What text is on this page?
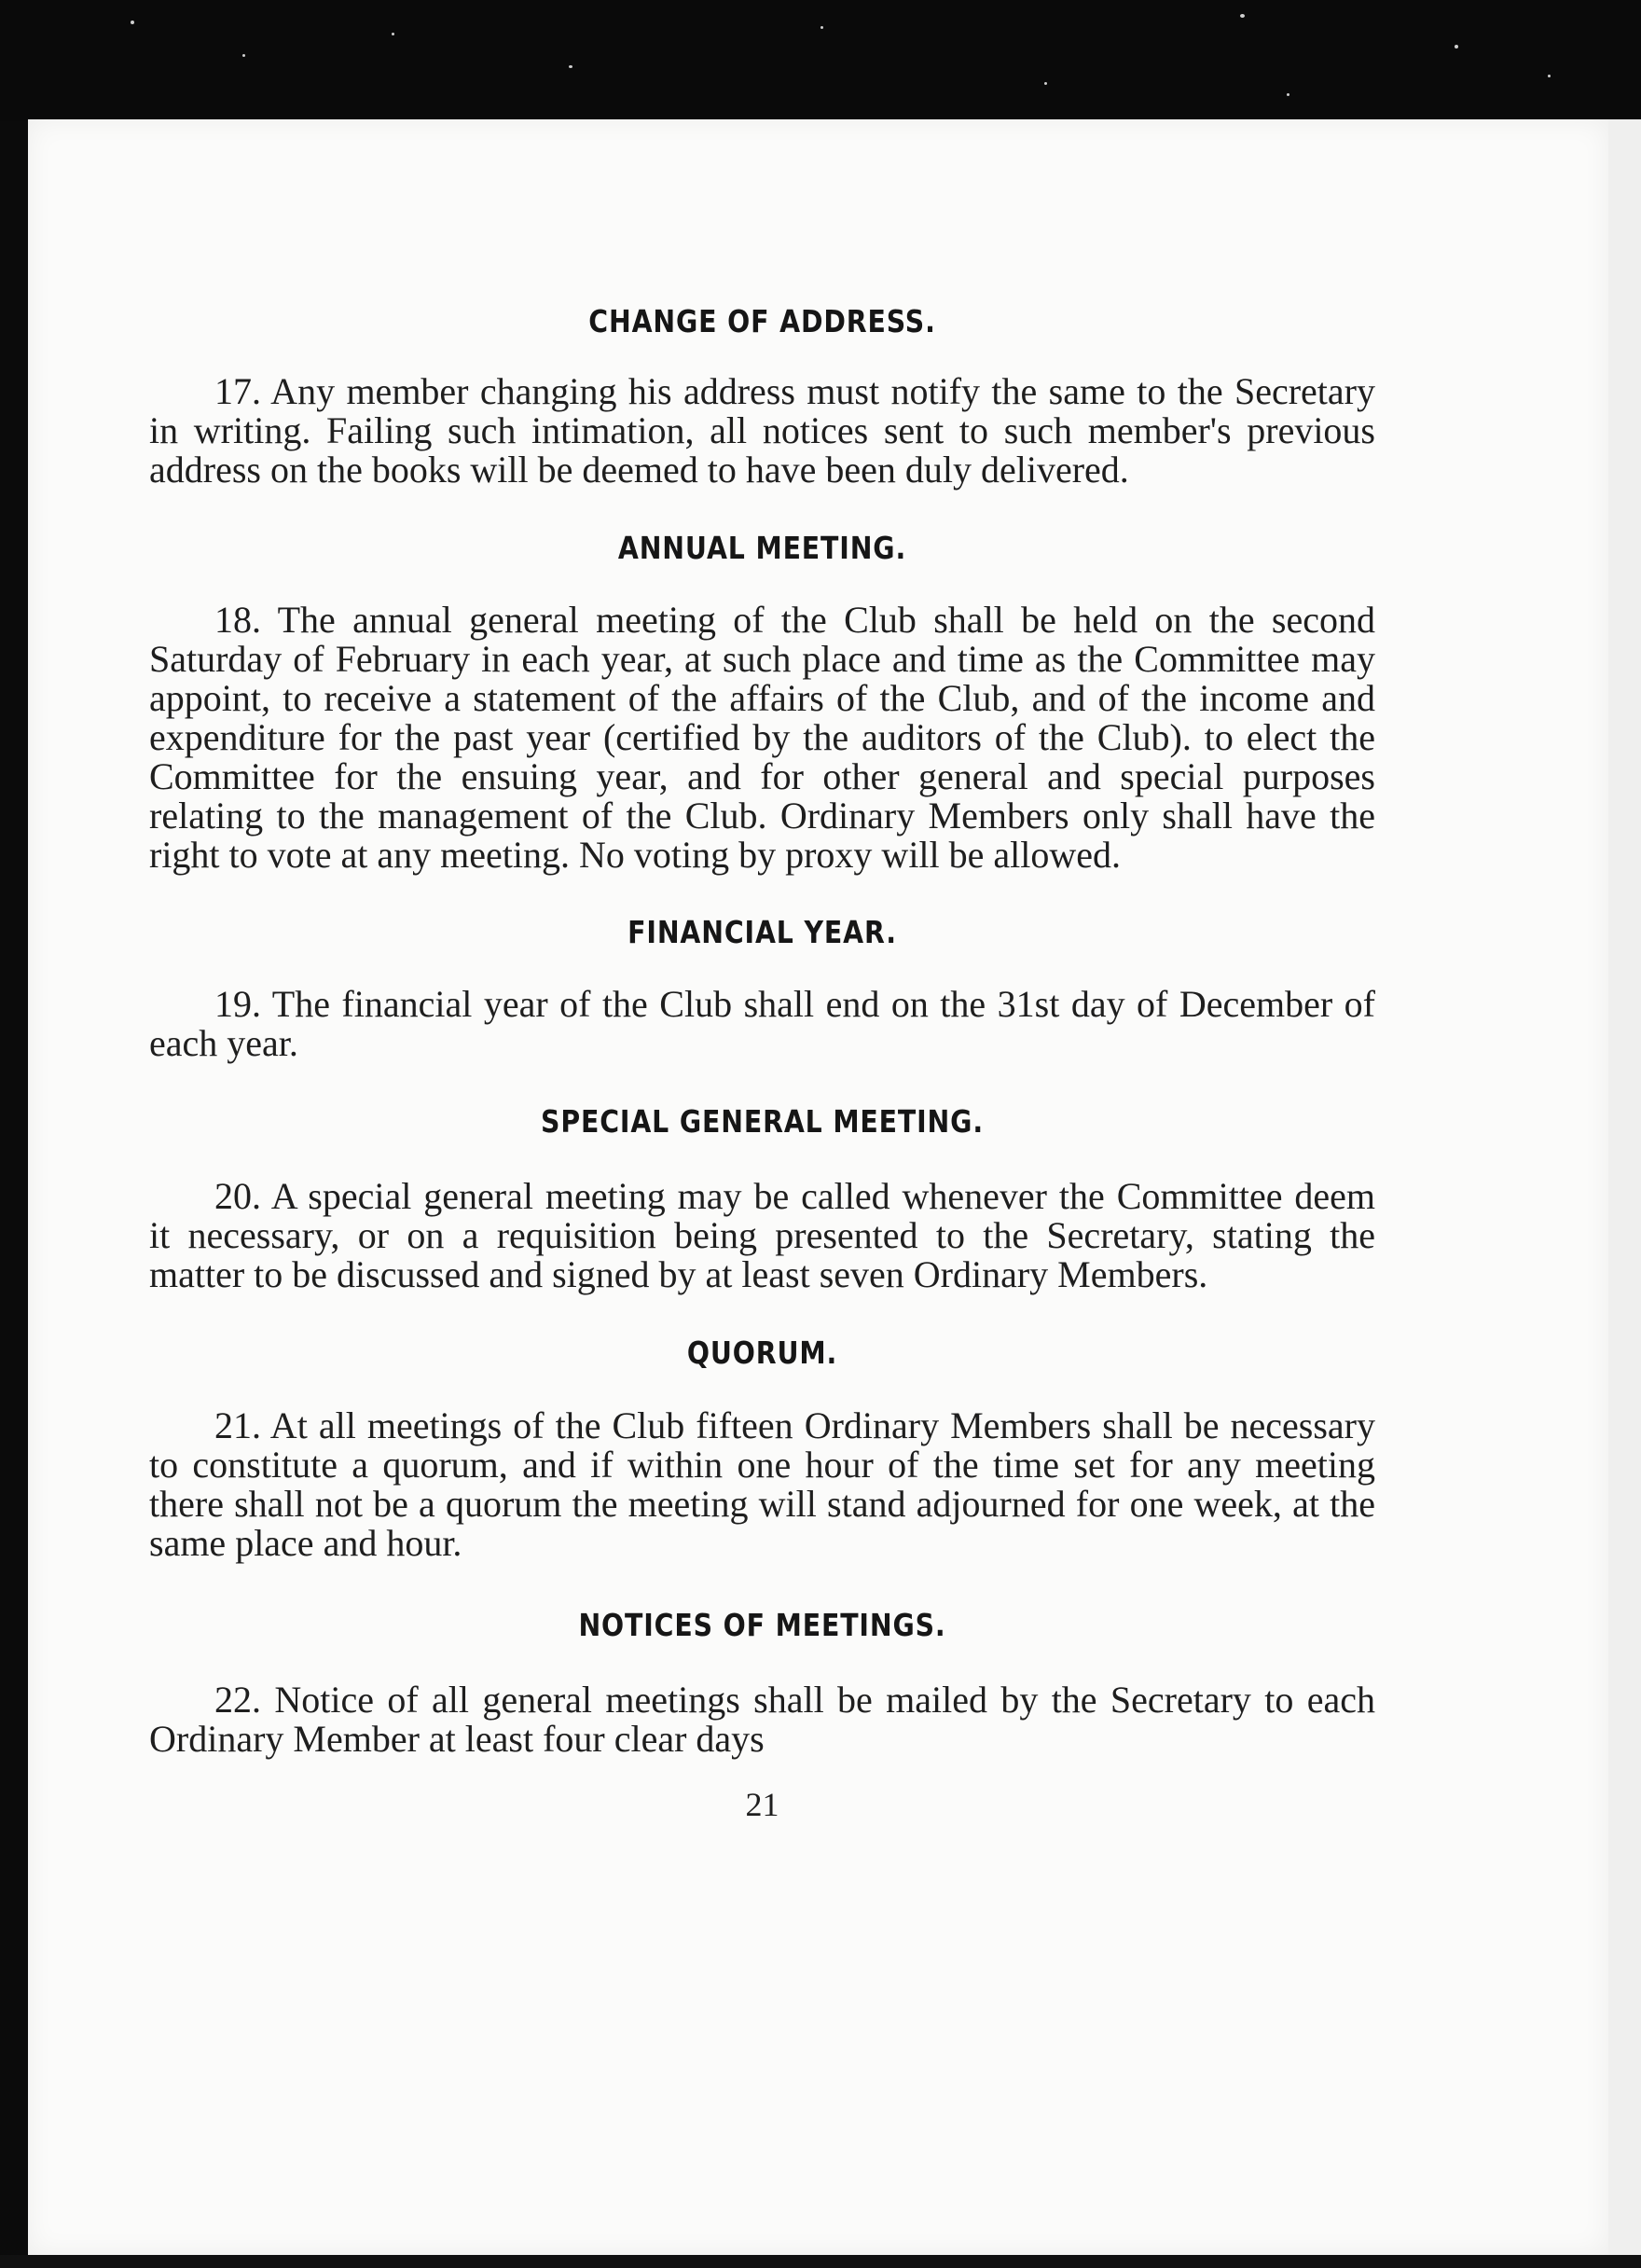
CHANGE OF ADDRESS.

17. Any member changing his address must notify the same to the Secretary in writing. Failing such intimation, all notices sent to such member's previous address on the books will be deemed to have been duly delivered.

ANNUAL MEETING.

18. The annual general meeting of the Club shall be held on the second Saturday of February in each year, at such place and time as the Committee may appoint, to receive a statement of the affairs of the Club, and of the income and expenditure for the past year (certified by the auditors of the Club). to elect the Committee for the ensuing year, and for other general and special purposes relating to the management of the Club. Ordinary Members only shall have the right to vote at any meeting. No voting by proxy will be allowed.

FINANCIAL YEAR.

19. The financial year of the Club shall end on the 31st day of December of each year.

SPECIAL GENERAL MEETING.

20. A special general meeting may be called whenever the Committee deem it necessary, or on a requisition being presented to the Secretary, stating the matter to be discussed and signed by at least seven Ordinary Members.

QUORUM.

21. At all meetings of the Club fifteen Ordinary Members shall be necessary to constitute a quorum, and if within one hour of the time set for any meeting there shall not be a quorum the meeting will stand adjourned for one week, at the same place and hour.

NOTICES OF MEETINGS.

22. Notice of all general meetings shall be mailed by the Secretary to each Ordinary Member at least four clear days

21
